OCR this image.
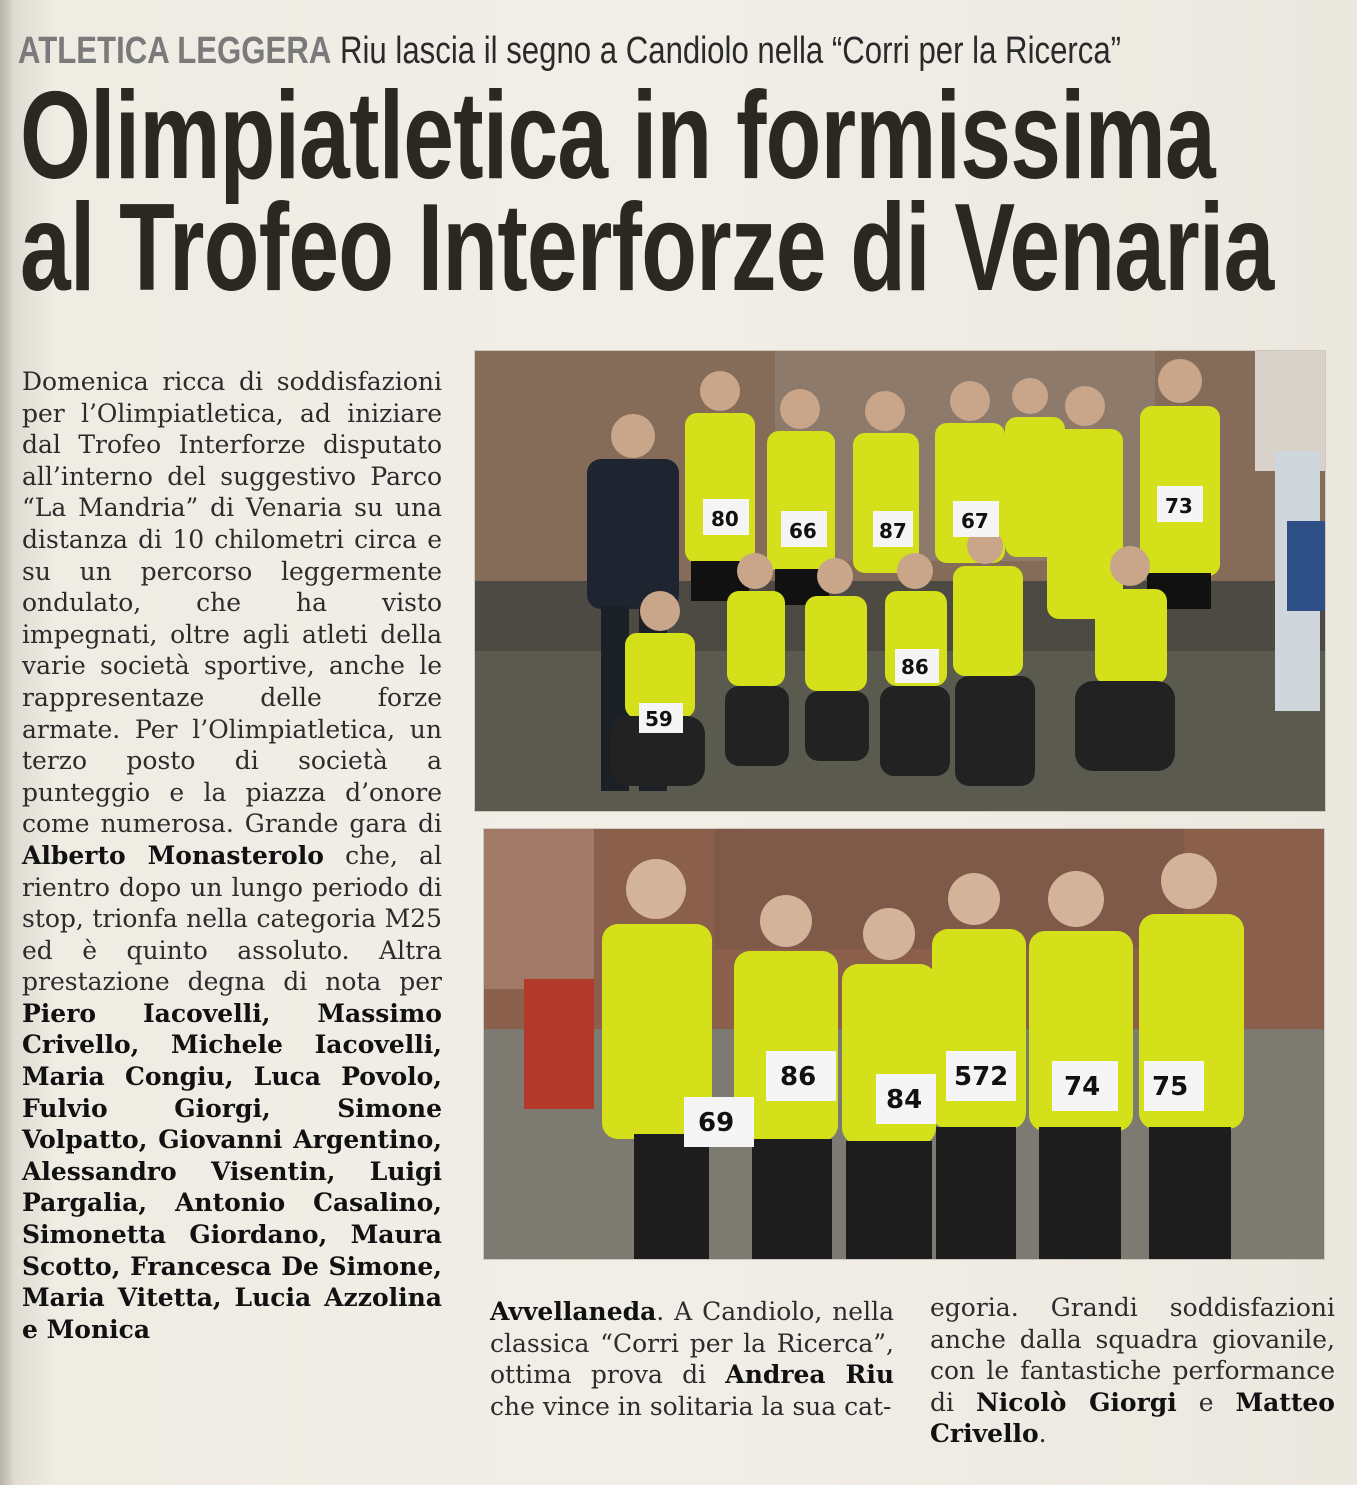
ATLETICA LEGGERA Riu lascia il segno a Candiolo nella “Corri per la Ricerca”
Olimpiatletica in formissima
al Trofeo Interforze di Venaria
Domenica ricca di soddisfazioni per l’Olimpiatletica, ad iniziare dal Trofeo Interforze disputato all’interno del suggestivo Parco “La Mandria” di Venaria su una distanza di 10 chilometri circa e su un percorso leggermente ondulato, che ha visto impegnati, oltre agli atleti della varie società sportive, anche le rappresentaze delle forze armate. Per l’Olimpiatletica, un terzo posto di società a punteggio e la piazza d’onore come numerosa. Grande gara di Alberto Monasterolo che, al rientro dopo un lungo periodo di stop, trionfa nella categoria M25 ed è quinto assoluto. Altra prestazione degna di nota per Piero Iacovelli, Massimo Crivello, Michele Iacovelli, Maria Congiu, Luca Povolo, Fulvio Giorgi, Simone Volpatto, Giovanni Argentino, Alessandro Visentin, Luigi Pargalia, Antonio Casalino, Simonetta Giordano, Maura Scotto, Francesca De Simone, Maria Vitetta, Lucia Azzolina e Monica
80	66	87	67
73
86
59
69
86
84
572 74 75
Avvellaneda. A Candiolo, nella classica “Corri per la Ricerca”, ottima prova di Andrea Riu che vince in solitaria la sua cat-
egoria. Grandi soddisfazioni anche dalla squadra giovanile, con le fantastiche performance di Nicolò Giorgi e Matteo Crivello.
